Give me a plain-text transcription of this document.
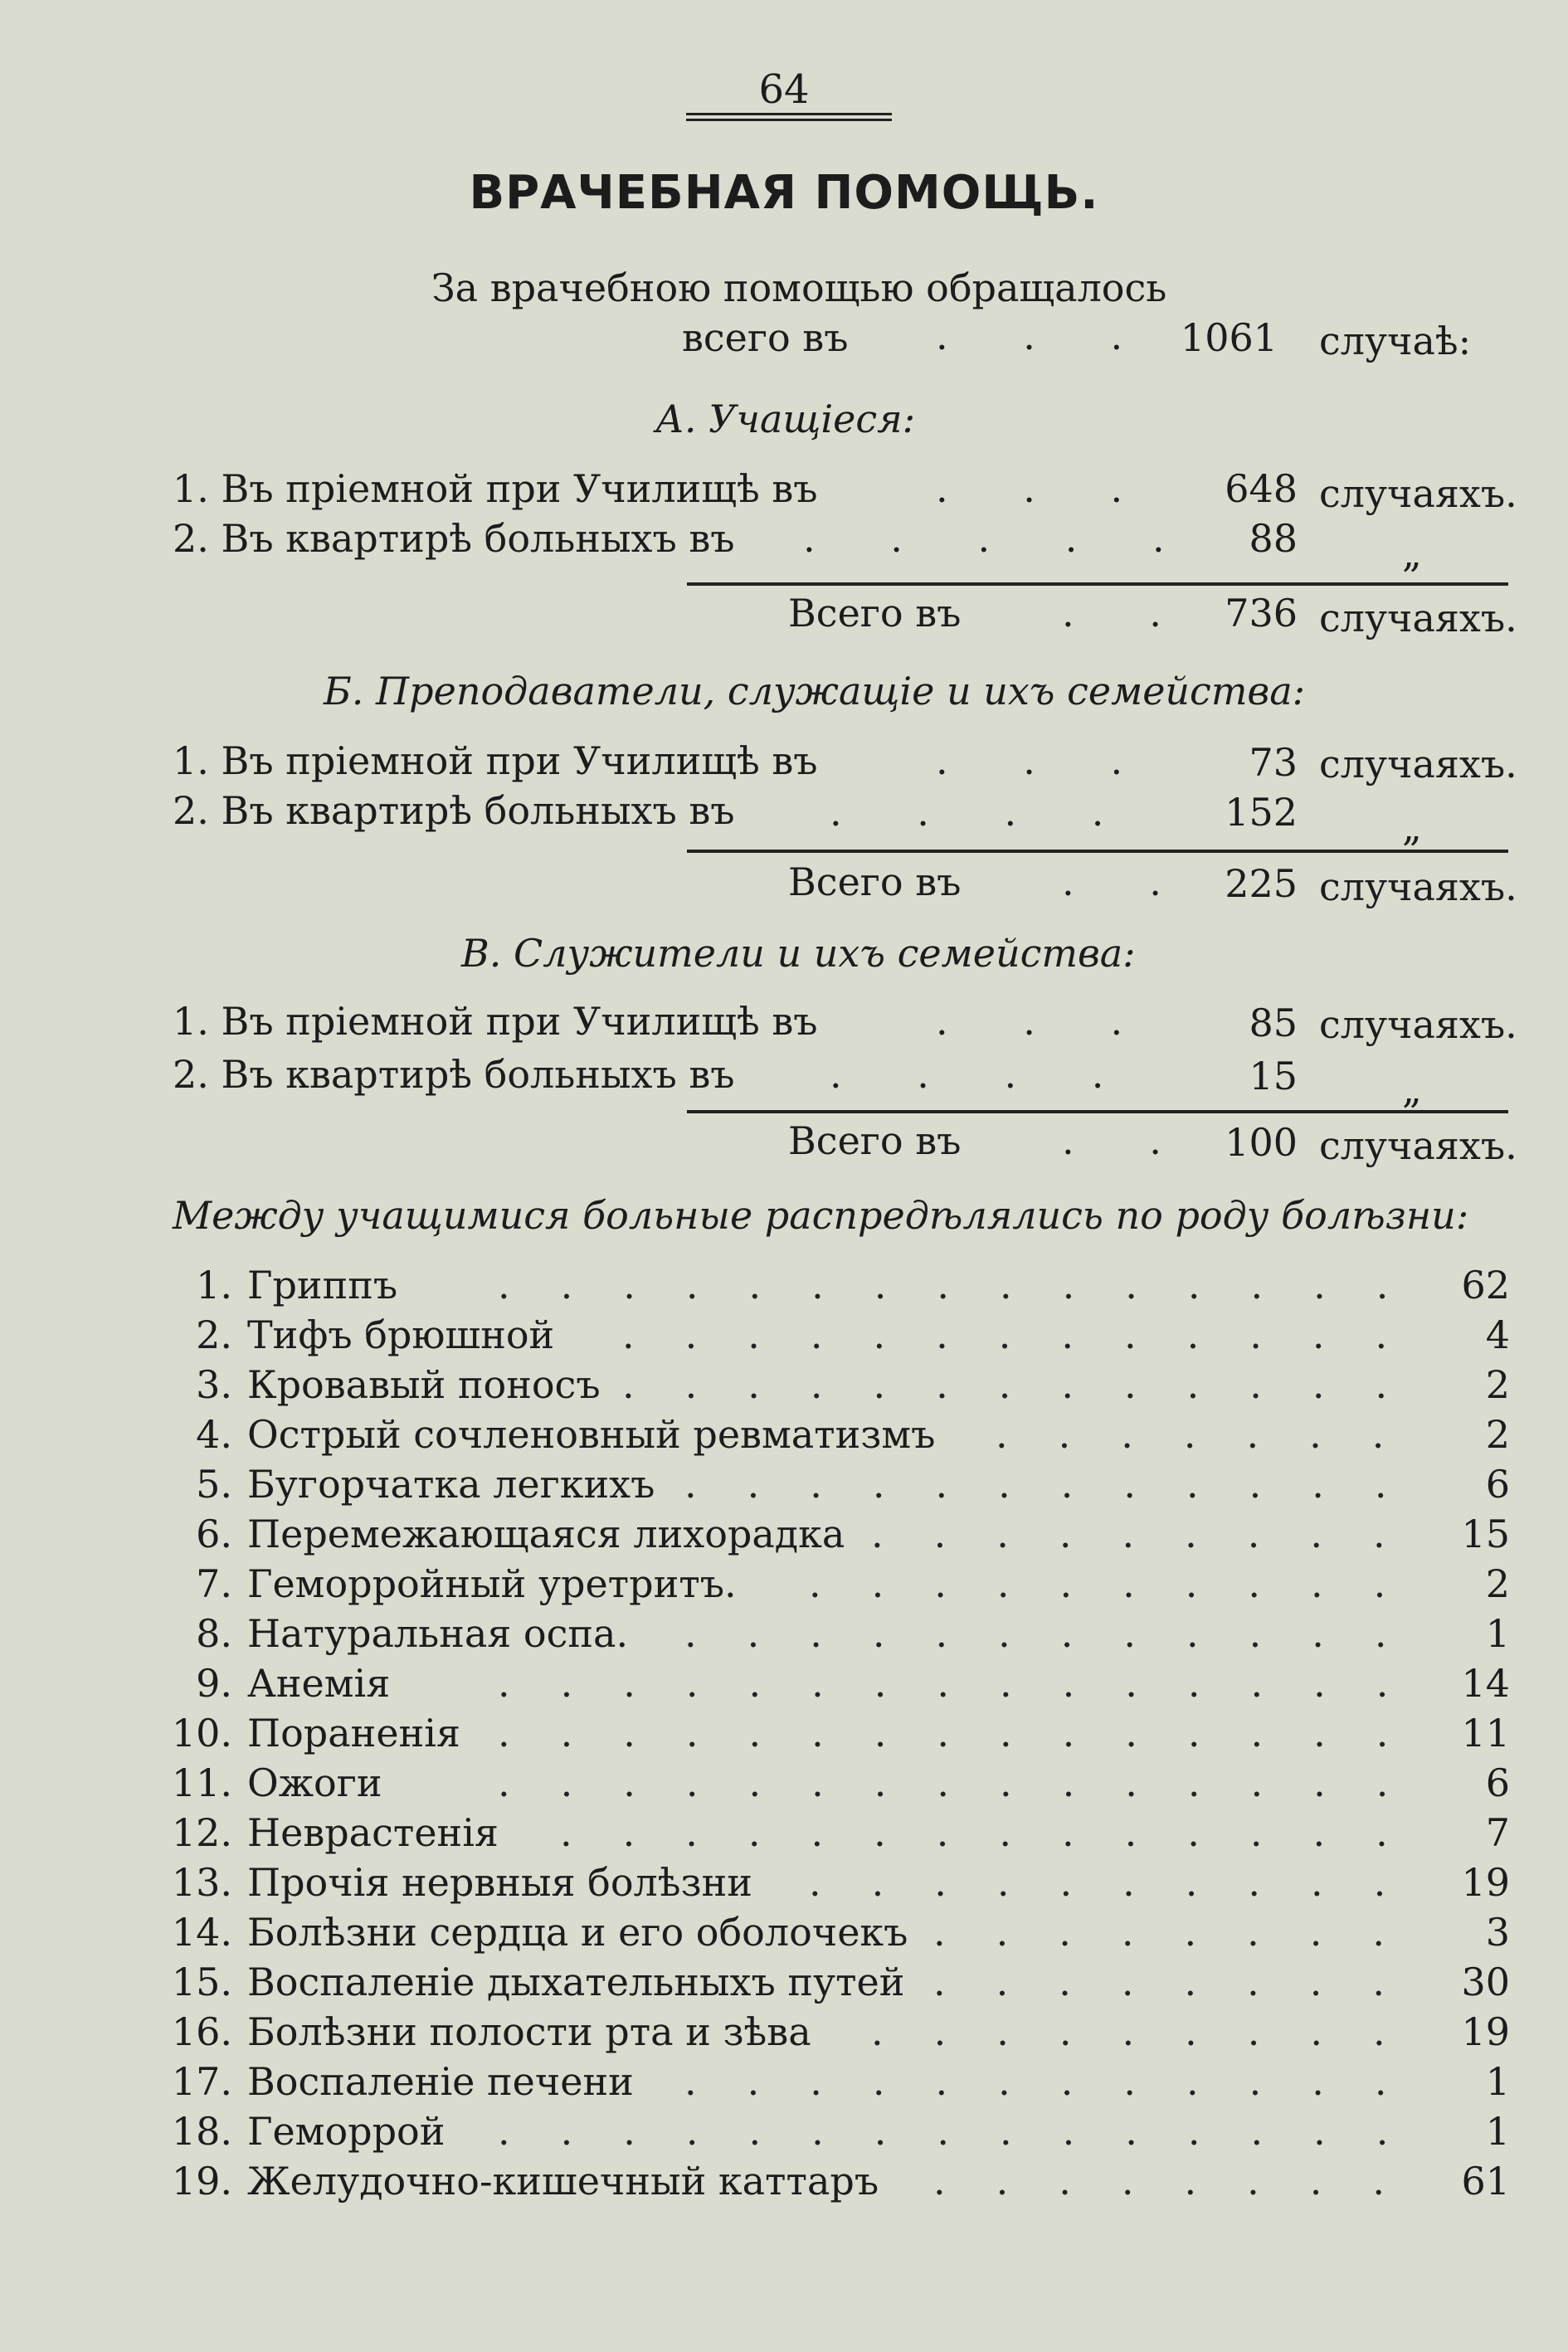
64
ВРАЧЕБНАЯ ПОМОЩЬ.
За врачебною помощью обращалось
всего въ . . . 1061 случаѣ:
А. Учащіеся:
1. Въ пріемной при Училищѣ въ	. . .	648 случаяхъ.
2. Въ квартирѣ больныхъ въ . . . . .	88	„
Всего въ	. . 736 случаяхъ.
Б. Преподаватели, служащіе и ихъ семейства:
1. Въ пріемной при Училищѣ въ	. . .	73 случаяхъ.
2. Въ квартирѣ больныхъ въ . . . .	152	„
Всего въ	. . 225 случаяхъ.
В. Служители и ихъ семейства:
1. Въ пріемной при Училищѣ въ	. . .	85 случаяхъ.
2. Въ квартирѣ больныхъ въ . . . .	15	„
Всего въ	. . 100 случаяхъ.
Между учащимися больные распредѣлялись по роду болѣзни:
1. Гриппъ	............... 62
2. Тифъ брюшной .............	4
3. Кровавый поносъ .............	2
4. Острый сочленовный ревматизмъ .......	2
5. Бугорчатка легкихъ ............	6
6. Перемежающаяся лихорадка ......... 15
7. Геморройный уретритъ. ..........	2
8. Натуральная оспа. ............	1
9. Анемія	............... 14
10. Пораненія ............... 11
11. Ожоги	...............	6
12. Неврастенія ..............	7
13. Прочія нервныя болѣзни .......... 19
14. Болѣзни сердца и его оболочекъ ........	3
15. Воспаленіе дыхательныхъ путей ........ 30
16. Болѣзни полости рта и зѣва ......... 19
17. Воспаленіе печени ............	1
18. Геморрой ...............	1
19. Желудочно-кишечный каттаръ ........ 61
